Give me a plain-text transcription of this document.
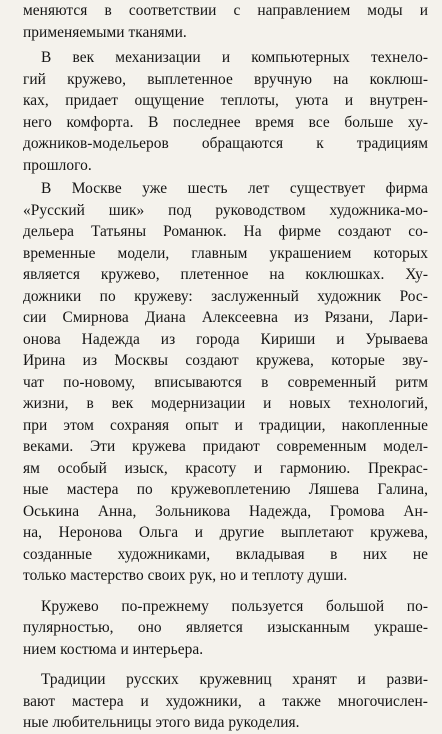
меняются в соответствии с направлением моды и
применяемыми тканями.
В век механизации и компьютерных технело-
гий кружево, выплетенное вручную на коклюш-
ках, придает ощущение теплоты, уюта и внутрен-
него комфорта. В последнее время все больше ху-
дожников-модельеров обращаются к традициям
прошлого.
В Москве уже шесть лет существует фирма
«Русский шик» под руководством художника-мо-
дельера Татьяны Романюк. На фирме создают со-
временные модели, главным украшением которых
является кружево, плетенное на коклюшках. Ху-
дожники по кружеву: заслуженный художник Рос-
сии Смирнова Диана Алексеевна из Рязани, Лари-
онова Надежда из города Кириши и Урываева
Ирина из Москвы создают кружева, которые зву-
чат по-новому, вписываются в современный ритм
жизни, в век модернизации и новых технологий,
при этом сохраняя опыт и традиции, накопленные
веками. Эти кружева придают современным модел-
ям особый изыск, красоту и гармонию. Прекрас-
ные мастера по кружевоплетению Ляшева Галина,
Оськина Анна, Зольникова Надежда, Громова Ан-
на, Неронова Ольга и другие выплетают кружева,
созданные художниками, вкладывая в них не
только мастерство своих рук, но и теплоту души.
Кружево по-прежнему пользуется большой по-
пулярностью, оно является изысканным украше-
нием костюма и интерьера.
Традиции русских кружевниц хранят и разви-
вают мастера и художники, а также многочислен-
ные любительницы этого вида рукоделия.
